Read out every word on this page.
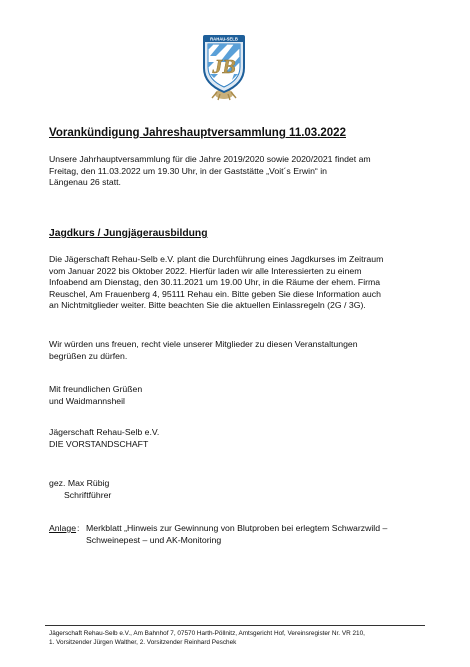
RAHAU-SELB
JB
Vorankündigung Jahreshauptversammlung 11.03.2022
Unsere Jahrhauptversammlung für die Jahre 2019/2020 sowie 2020/2021 findet am
Freitag, den 11.03.2022 um 19.30 Uhr, in der Gaststätte „Voit´s Erwin“ in
Längenau 26 statt.
Jagdkurs / Jungjägerausbildung
Die Jägerschaft Rehau-Selb e.V. plant die Durchführung eines Jagdkurses im Zeitraum
vom Januar 2022 bis Oktober 2022. Hierfür laden wir alle Interessierten zu einem
Infoabend am Dienstag, den 30.11.2021 um 19.00 Uhr, in die Räume der ehem. Firma
Reuschel, Am Frauenberg 4, 95111 Rehau ein. Bitte geben Sie diese Information auch
an Nichtmitglieder weiter. Bitte beachten Sie die aktuellen Einlassregeln (2G / 3G).
Wir würden uns freuen, recht viele unserer Mitglieder zu diesen Veranstaltungen
begrüßen zu dürfen.
Mit freundlichen Grüßen
und Waidmannsheil
Jägerschaft Rehau-Selb e.V.
DIE VORSTANDSCHAFT
gez. Max Rübig
Schriftführer
Anlage : Merkblatt „Hinweis zur Gewinnung von Blutproben bei erlegtem Schwarzwild –
Schweinepest – und AK-Monitoring
Jägerschaft Rehau-Selb e.V., Am Bahnhof 7, 07570 Harth-Pöllnitz, Amtsgericht Hof, Vereinsregister Nr. VR 210,
1. Vorsitzender Jürgen Walther, 2. Vorsitzender Reinhard Peschek
